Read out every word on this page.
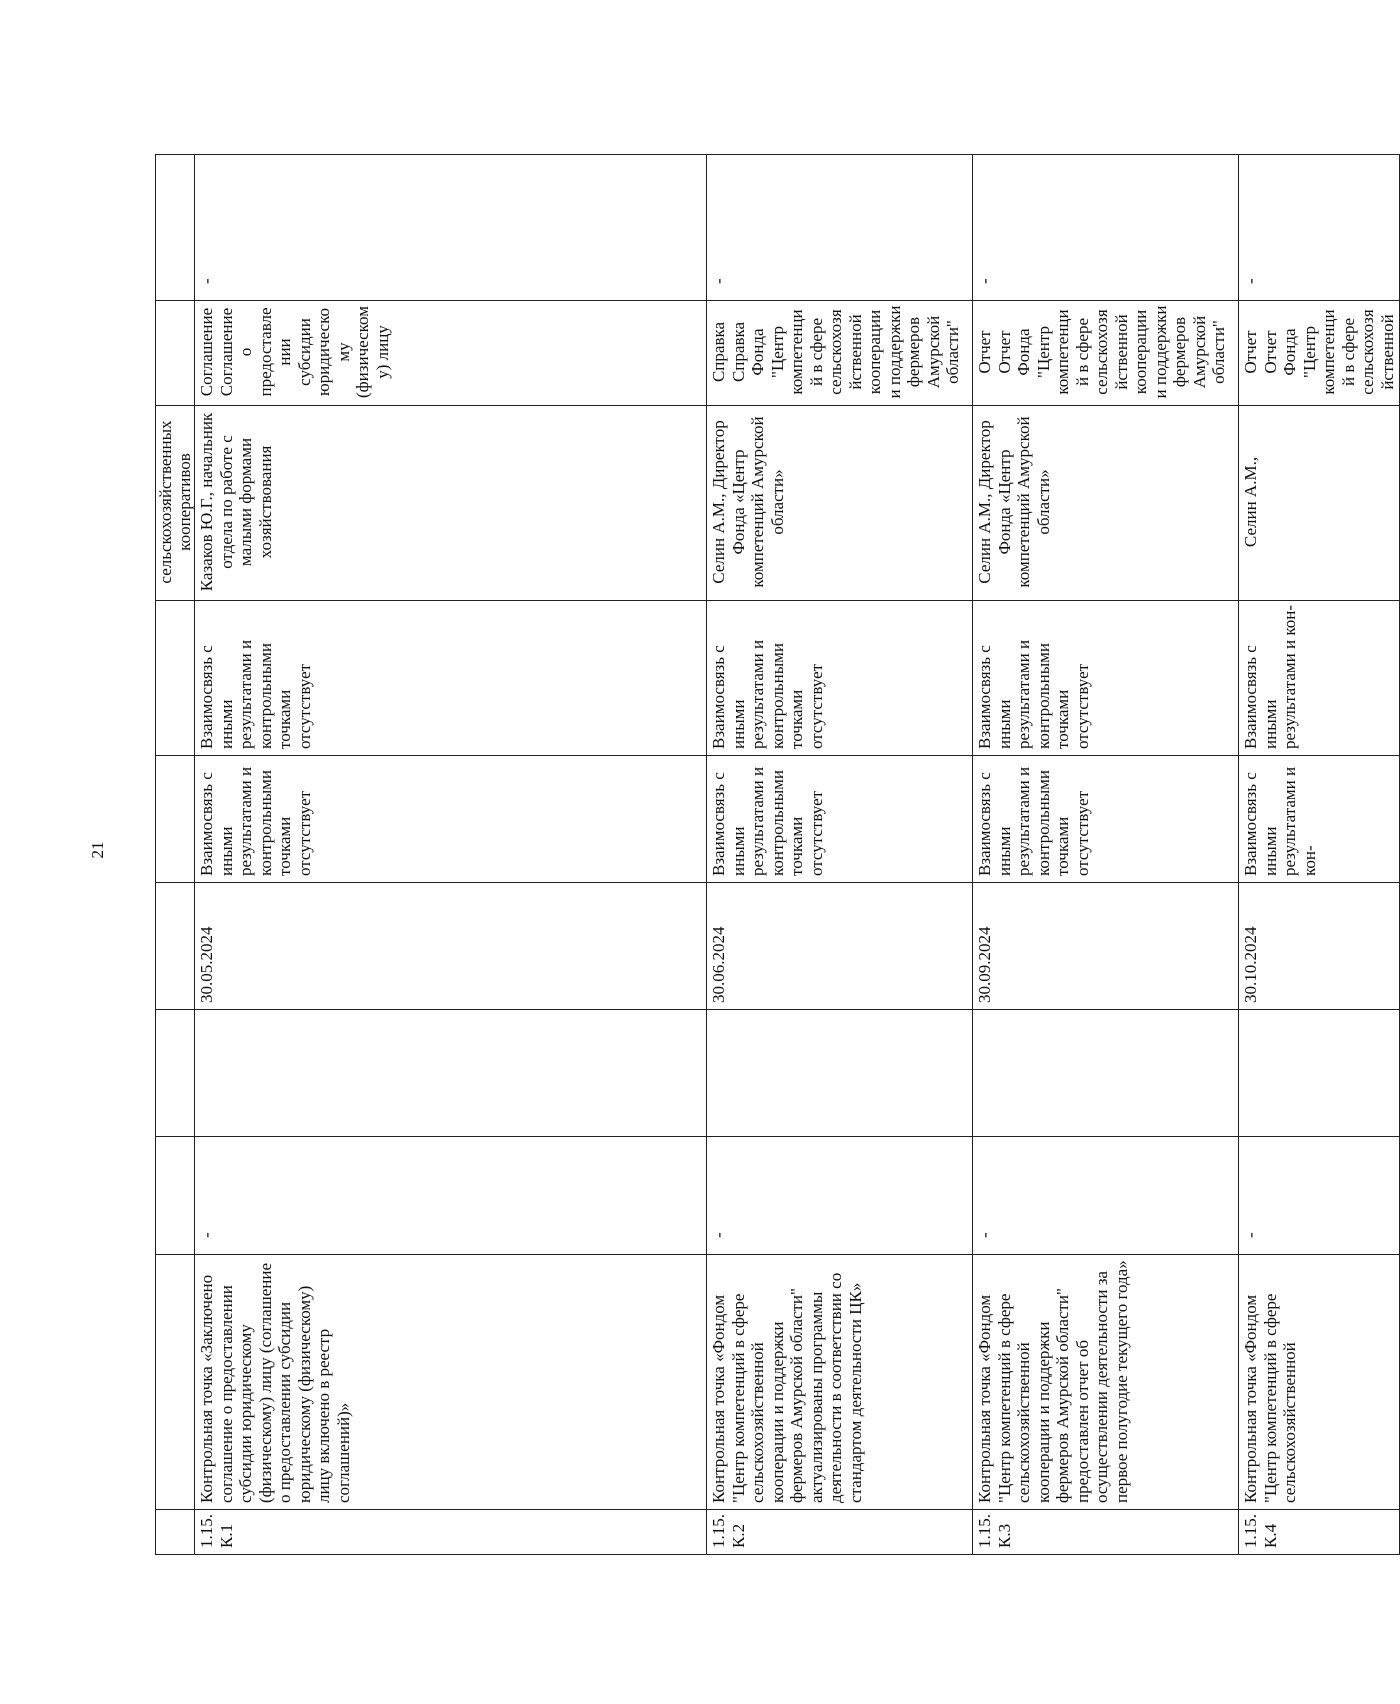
21
							сельскохозяйственных кооперативов			
1.15. К.1	Контрольная точка «Заключено соглашение о предоставлении субсидии юридическому (физическому) лицу (соглашение о предоставлении субсидии юридическому (физическому) лицу включено в реестр соглашений)»	-		30.05.2024	Взаимосвязь с иными результатами и контрольными точками отсутствует	Взаимосвязь с иными результатами и контрольными точками отсутствует	Казаков Ю.Г., начальник отдела по работе с малыми формами хозяйствования	Соглашение Соглашение о предоставлении субсидии юридическому (физическому) лицу	-	
1.15. К.2	Контрольная точка «Фондом "Центр компетенций в сфере сельскохозяйственной кооперации и поддержки фермеров Амурской области" актуализированы программы деятельности в соответствии со стандартом деятельности ЦК»	-		30.06.2024	Взаимосвязь с иными результатами и контрольными точками отсутствует	Взаимосвязь с иными результатами и контрольными точками отсутствует	Селин А.М., Директор Фонда «Центр компетенций Амурской области»	Справка Справка Фонда "Центр компетенций в сфере сельскохозяйственной кооперации и поддержки фермеров Амурской области"	-	
1.15. К.3	Контрольная точка «Фондом "Центр компетенций в сфере сельскохозяйственной кооперации и поддержки фермеров Амурской области" предоставлен отчет об осуществлении деятельности за первое полугодие текущего года»	-		30.09.2024	Взаимосвязь с иными результатами и контрольными точками отсутствует	Взаимосвязь с иными результатами и контрольными точками отсутствует	Селин А.М., Директор Фонда «Центр компетенций Амурской области»	Отчет Отчет Фонда "Центр компетенций в сфере сельскохозяйственной кооперации и поддержки фермеров Амурской области"	-	
1.15. К.4	Контрольная точка «Фондом "Центр компетенций в сфере сельскохозяйственной	-		30.10.2024	Взаимосвязь с иными результатами и кон-	Взаимосвязь с иными результатами и кон-	Селин А.М.,	Отчет Отчет Фонда "Центр компетенций в сфере сельскохозяйственной	-	
